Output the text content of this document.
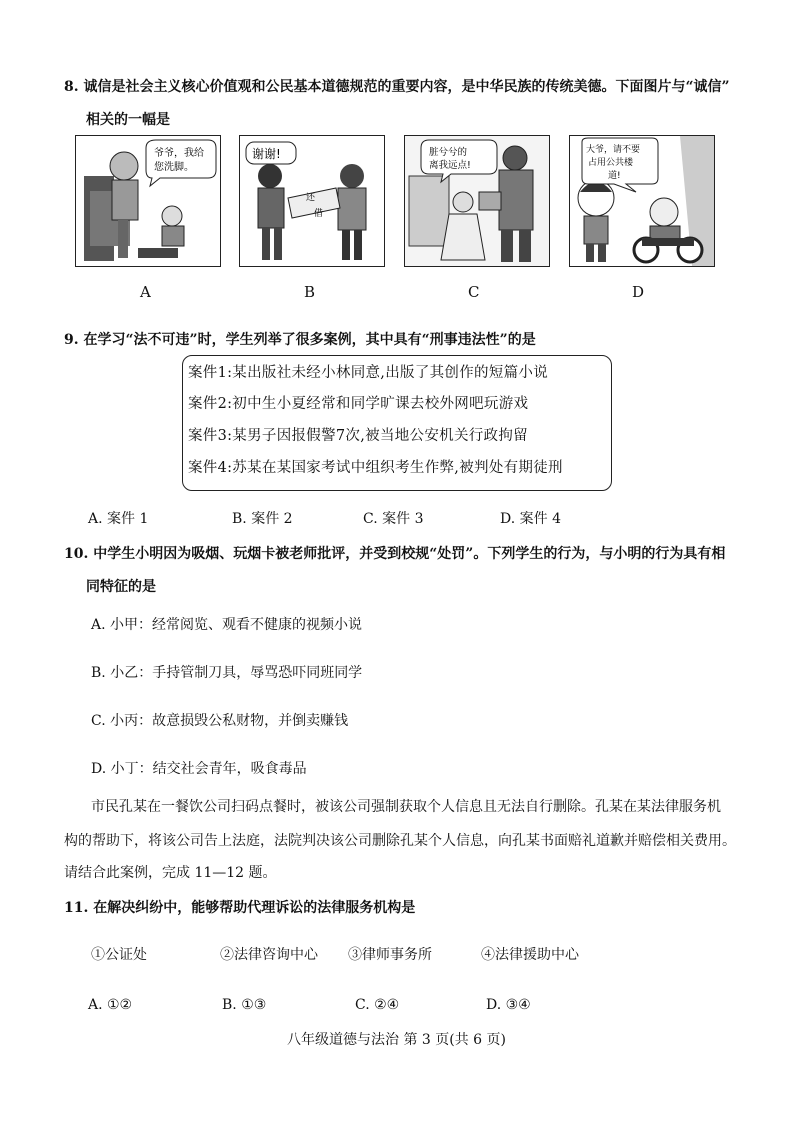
8. 诚信是社会主义核心价值观和公民基本道德规范的重要内容，是中华民族的传统美德。下面图片与“诚信”
相关的一幅是
爷爷，我给
您洗脚。
还
借
谢谢!	脏兮兮的
离我远点!
大爷，请不要
占用公共楼
道!
A	B	C	D
9. 在学习“法不可违”时，学生列举了很多案例，其中具有“刑事违法性”的是
案件1:某出版社未经小林同意,出版了其创作的短篇小说
案件2:初中生小夏经常和同学旷课去校外网吧玩游戏
案件3:某男子因报假警7次,被当地公安机关行政拘留
案件4:苏某在某国家考试中组织考生作弊,被判处有期徒刑
A. 案件 1	B. 案件 2	C. 案件 3	D. 案件 4
10. 中学生小明因为吸烟、玩烟卡被老师批评，并受到校规“处罚”。下列学生的行为，与小明的行为具有相
同特征的是
A. 小甲：经常阅览、观看不健康的视频小说
B. 小乙：手持管制刀具，辱骂恐吓同班同学
C. 小丙：故意损毁公私财物，并倒卖赚钱
D. 小丁：结交社会青年，吸食毒品
市民孔某在一餐饮公司扫码点餐时，被该公司强制获取个人信息且无法自行删除。孔某在某法律服务机
构的帮助下，将该公司告上法庭，法院判决该公司删除孔某个人信息，向孔某书面赔礼道歉并赔偿相关费用。
请结合此案例，完成 11—12 题。
11. 在解决纠纷中，能够帮助代理诉讼的法律服务机构是
①公证处	②法律咨询中心 ③律师事务所	④法律援助中心
A. ①②	B. ①③	C. ②④	D. ③④
八年级道德与法治 第 3 页(共 6 页)
